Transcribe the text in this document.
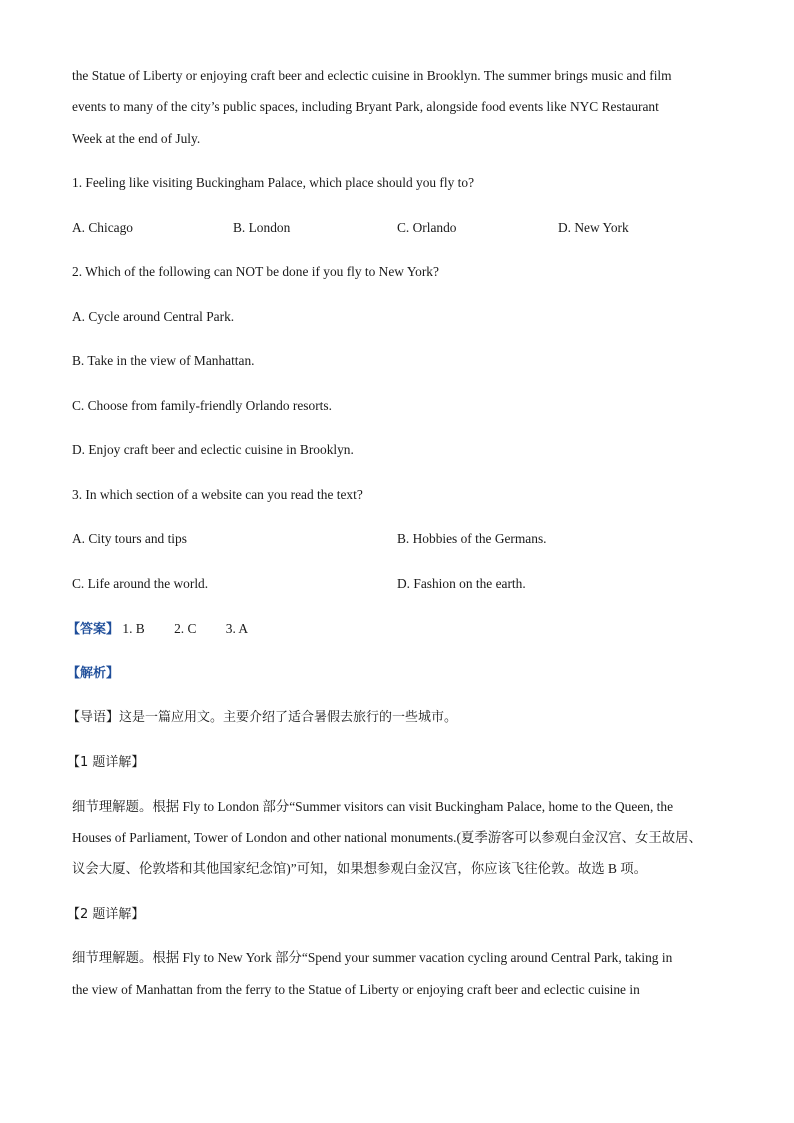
the Statue of Liberty or enjoying craft beer and eclectic cuisine in Brooklyn. The summer brings music and film
events to many of the city’s public spaces, including Bryant Park, alongside food events like NYC Restaurant
Week at the end of July.
1. Feeling like visiting Buckingham Palace, which place should you fly to?
A. Chicago	B. London	C. Orlando	D. New York
2. Which of the following can NOT be done if you fly to New York?
A. Cycle around Central Park.
B. Take in the view of Manhattan.
C. Choose from family-friendly Orlando resorts.
D. Enjoy craft beer and eclectic cuisine in Brooklyn.
3. In which section of a website can you read the text?
A. City tours and tips	B. Hobbies of the Germans.
C. Life around the world.	D. Fashion on the earth.
【答案】 1. B 2. C 3. A
【解析】
【导语】这是一篇应用文。主要介绍了适合暑假去旅行的一些城市。
【1 题详解】
细节理解题。根据 Fly to London 部分“Summer visitors can visit Buckingham Palace, home to the Queen, the
Houses of Parliament, Tower of London and other national monuments.(夏季游客可以参观白金汉宫、女王故居、
议会大厦、伦敦塔和其他国家纪念馆)”可知，如果想参观白金汉宫，你应该飞往伦敦。故选 B 项。
【2 题详解】
细节理解题。根据 Fly to New York 部分“Spend your summer vacation cycling around Central Park, taking in
the view of Manhattan from the ferry to the Statue of Liberty or enjoying craft beer and eclectic cuisine in
